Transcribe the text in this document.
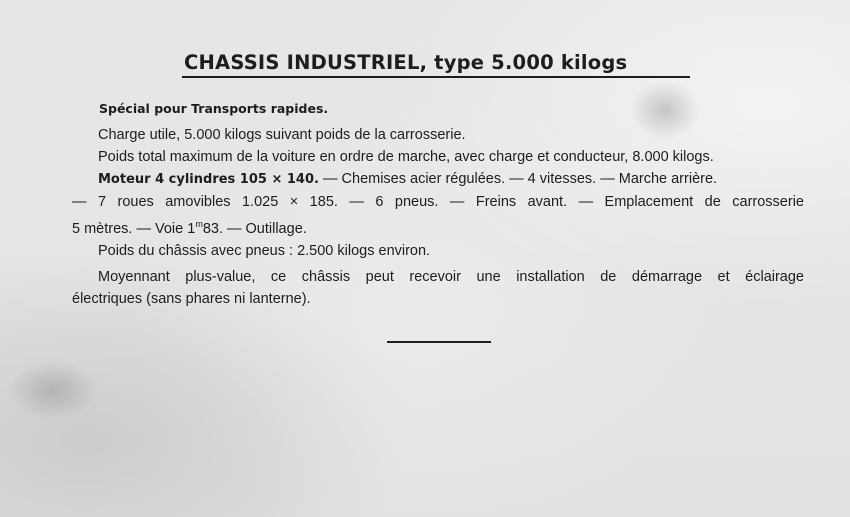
CHASSIS INDUSTRIEL, type 5.000 kilogs
Spécial pour Transports rapides.
Charge utile, 5.000 kilogs suivant poids de la carrosserie.
Poids total maximum de la voiture en ordre de marche, avec charge et conducteur, 8.000 kilogs.
Moteur 4 cylindres 105 × 140. — Chemises acier régulées. — 4 vitesses. — Marche arrière.
— 7 roues amovibles 1.025 × 185. — 6 pneus. — Freins avant. — Emplacement de carrosserie
5 mètres. — Voie 1$^m$83. — Outillage.
Poids du châssis avec pneus : 2.500 kilogs environ.
Moyennant plus-value, ce châssis peut recevoir une installation de démarrage et éclairage
électriques (sans phares ni lanterne).
